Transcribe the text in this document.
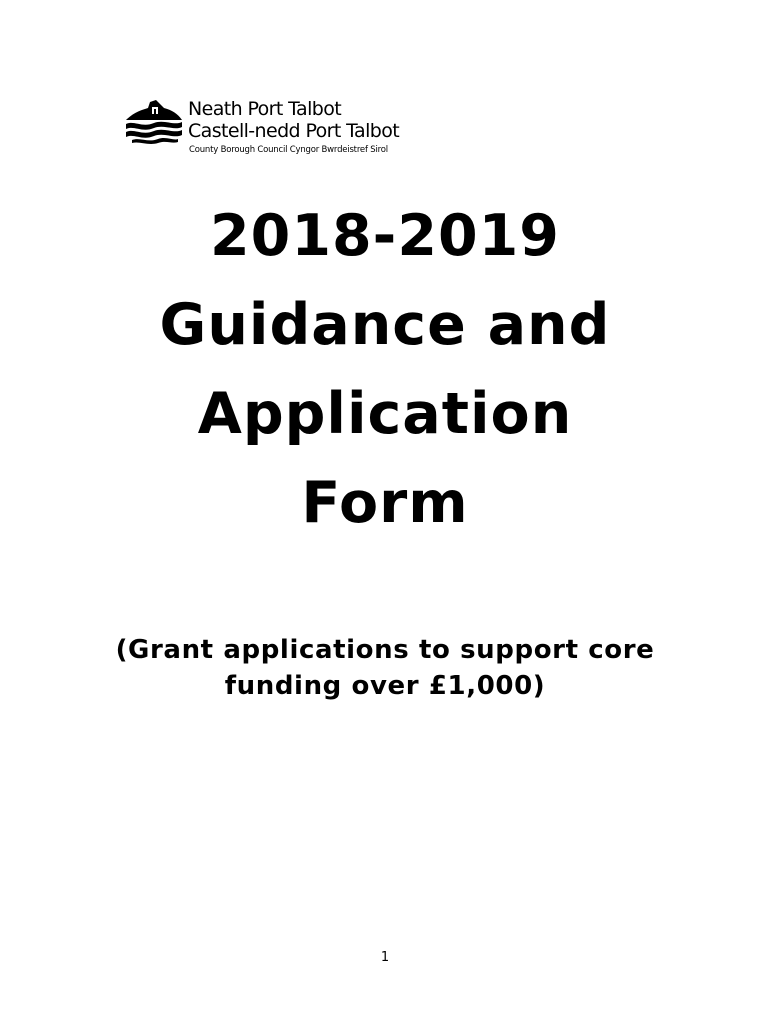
Neath Port Talbot
Castell-nedd Port Talbot
County Borough Council Cyngor Bwrdeistref Sirol
2018-2019
Guidance and
Application
Form
(Grant applications to support core
funding over £1,000)
1
